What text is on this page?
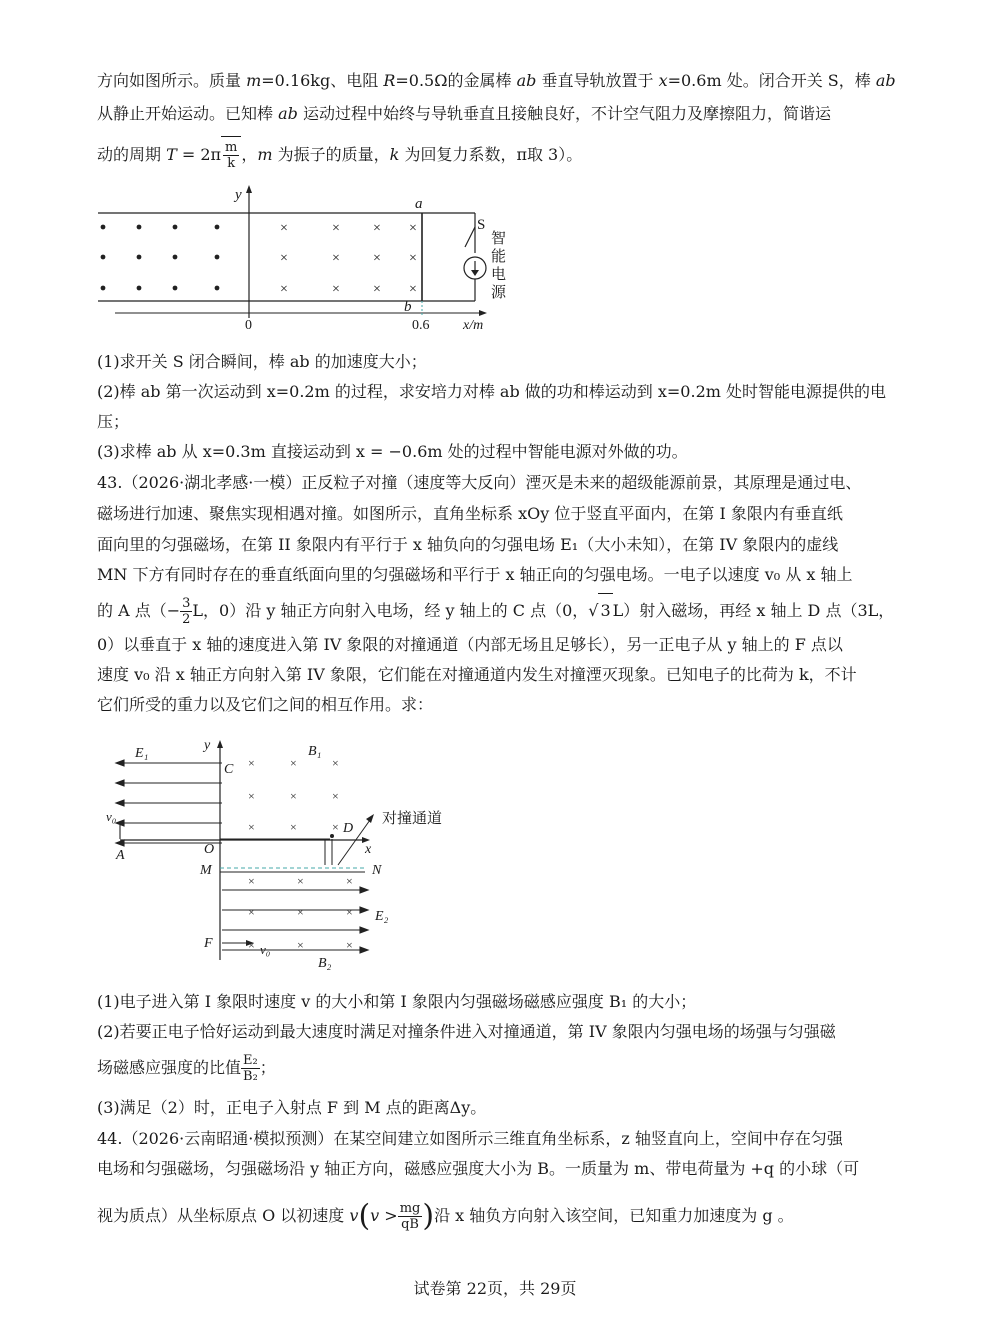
方向如图所示。质量 m=0.16kg、电阻 R=0.5Ω的金属棒 ab 垂直导轨放置于 x=0.6m 处。闭合开关 S，棒 ab
从静止开始运动。已知棒 ab 运动过程中始终与导轨垂直且接触良好，不计空气阻力及摩擦阻力，简谐运
动的周期 $T = 2\pi \frac{m}{k}$ ，m 为振子的质量，k 为回复力系数，π取 3）。
×	× × ×
×	× × ×
×	× × ×
y
a
b
S
智
能
电
源
0	0.6 x/m
(1)求开关 S 闭合瞬间，棒 ab 的加速度大小；
(2)棒 ab 第一次运动到 x=0.2m 的过程，求安培力对棒 ab 做的功和棒运动到 x=0.2m 处时智能电源提供的电
压；
(3)求棒 ab 从 x=0.3m 直接运动到 x = −0.6m 处的过程中智能电源对外做的功。
43.（2026·湖北孝感·一模）正反粒子对撞（速度等大反向）湮灭是未来的超级能源前景，其原理是通过电、
磁场进行加速、聚焦实现相遇对撞。如图所示，直角坐标系 xOy 位于竖直平面内，在第 I 象限内有垂直纸
面向里的匀强磁场，在第 II 象限内有平行于 x 轴负向的匀强电场 E₁（大小未知），在第 IV 象限内的虚线
MN 下方有同时存在的垂直纸面向里的匀强磁场和平行于 x 轴正向的匀强电场。一电子以速度 v₀ 从 x 轴上
的 A 点（− $\frac{3}{2}$ L，0）沿 y 轴正方向射入电场，经 y 轴上的 C 点（0，√ 3 L）射入磁场，再经 x 轴上 D 点（3L，
0）以垂直于 x 轴的速度进入第 IV 象限的对撞通道（内部无场且足够长），另一正电子从 y 轴上的 F 点以
速度 v₀ 沿 x 轴正方向射入第 IV 象限，它们能在对撞通道内发生对撞湮灭现象。已知电子的比荷为 k，不计
它们所受的重力以及它们之间的相互作用。求：
×	×	×
×	×	×
×	×	×
×	×	×
×	×	×
×	×	×
E₁
y	B₁
C
v₀
D
对撞通道
A	O	x
M	N
E₂
F	v₀
B₂
(1)电子进入第 I 象限时速度 v 的大小和第 I 象限内匀强磁场磁感应强度 B₁ 的大小；
(2)若要正电子恰好运动到最大速度时满足对撞条件进入对撞通道，第 IV 象限内匀强电场的场强与匀强磁
场磁感应强度的比值 $\frac{\text{E₂}}{\text{B₂}}$ ；
(3)满足（2）时，正电子入射点 F 到 M 点的距离Δy。
44.（2026·云南昭通·模拟预测）在某空间建立如图所示三维直角坐标系，z 轴竖直向上，空间中存在匀强
电场和匀强磁场，匀强磁场沿 y 轴正方向，磁感应强度大小为 B。一质量为 m、带电荷量为 +q 的小球（可
视为质点）从坐标原点 O 以初速度 $v(v > \frac{mg}{qB}$ )沿 x 轴负方向射入该空间，已知重力加速度为 g 。
试卷第 22页，共 29页
